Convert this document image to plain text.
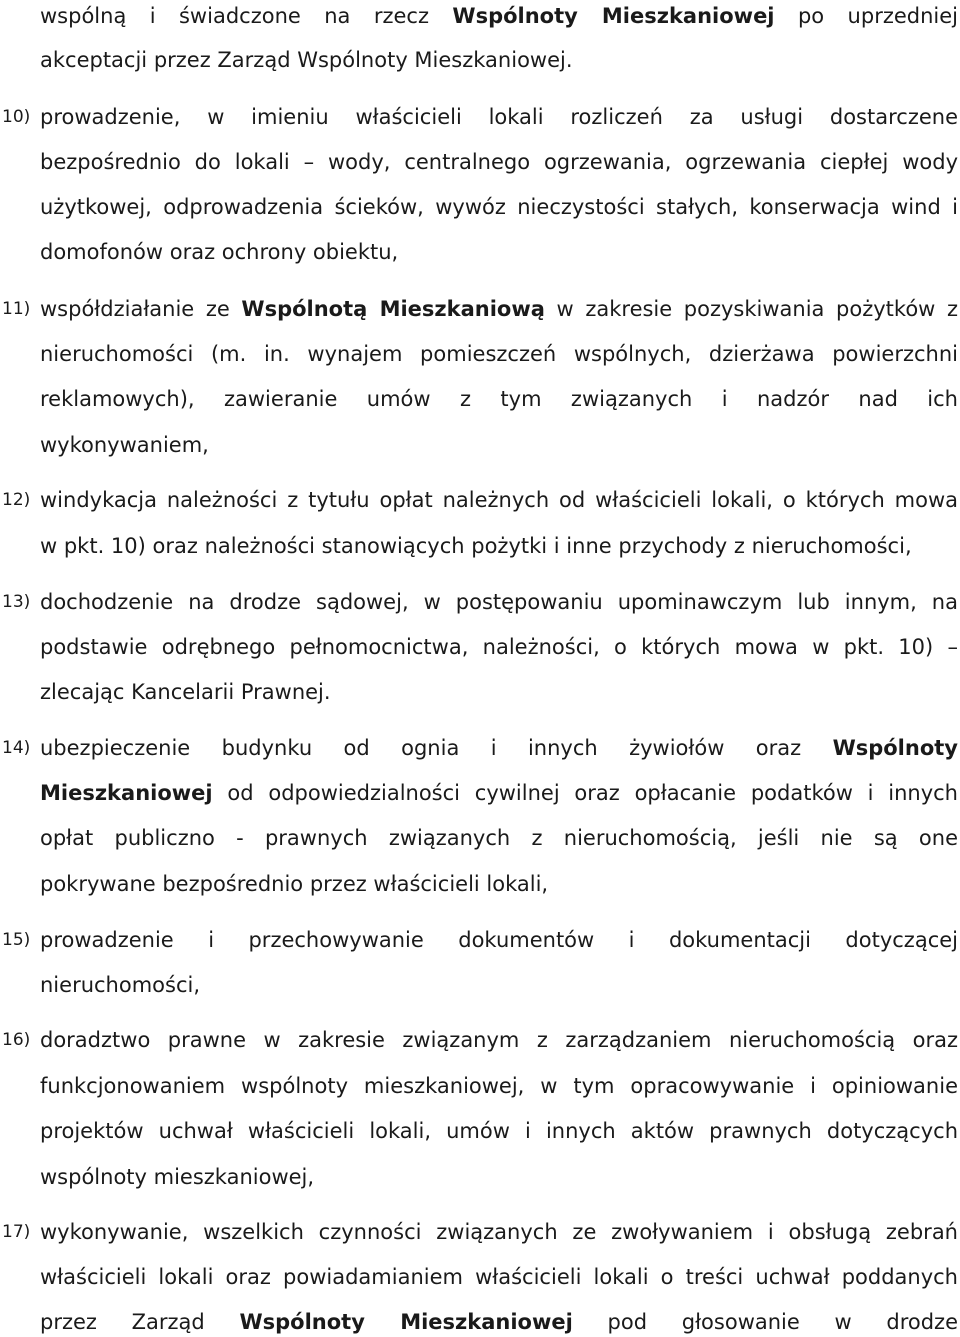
wspólną i świadczone na rzecz Wspólnoty Mieszkaniowej po uprzedniej
akceptacji przez Zarząd Wspólnoty Mieszkaniowej.
10) prowadzenie, w imieniu właścicieli lokali rozliczeń za usługi dostarczene
bezpośrednio do lokali – wody, centralnego ogrzewania, ogrzewania ciepłej wody
użytkowej, odprowadzenia ścieków, wywóz nieczystości stałych, konserwacja wind i
domofonów oraz ochrony obiektu,
11) współdziałanie ze Wspólnotą Mieszkaniową w zakresie pozyskiwania pożytków z
nieruchomości (m. in. wynajem pomieszczeń wspólnych, dzierżawa powierzchni
reklamowych), zawieranie umów z tym związanych i nadzór nad ich
wykonywaniem,
12) windykacja należności z tytułu opłat należnych od właścicieli lokali, o których mowa
w pkt. 10) oraz należności stanowiących pożytki i inne przychody z nieruchomości,
13) dochodzenie na drodze sądowej, w postępowaniu upominawczym lub innym, na
podstawie odrębnego pełnomocnictwa, należności, o których mowa w pkt. 10) –
zlecając Kancelarii Prawnej.
14) ubezpieczenie budynku od ognia i innych żywiołów oraz Wspólnoty
Mieszkaniowej od odpowiedzialności cywilnej oraz opłacanie podatków i innych
opłat publiczno - prawnych związanych z nieruchomością, jeśli nie są one
pokrywane bezpośrednio przez właścicieli lokali,
15) prowadzenie i przechowywanie dokumentów i dokumentacji dotyczącej
nieruchomości,
16) doradztwo prawne w zakresie związanym z zarządzaniem nieruchomością oraz
funkcjonowaniem wspólnoty mieszkaniowej, w tym opracowywanie i opiniowanie
projektów uchwał właścicieli lokali, umów i innych aktów prawnych dotyczących
wspólnoty mieszkaniowej,
17) wykonywanie, wszelkich czynności związanych ze zwoływaniem i obsługą zebrań
właścicieli lokali oraz powiadamianiem właścicieli lokali o treści uchwał poddanych
przez Zarząd Wspólnoty Mieszkaniowej pod głosowanie w drodze
